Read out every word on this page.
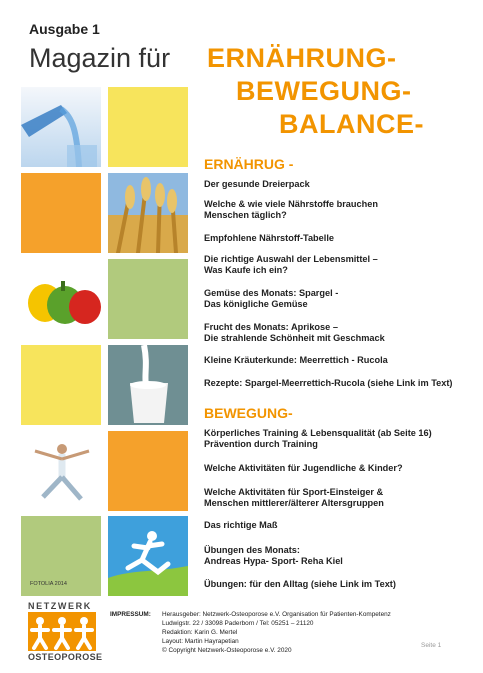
Ausgabe 1
Magazin für ERNÄHRUNG-
BEWEGUNG-
BALANCE-
FOTOLIA 2014
ERNÄHRUG -
Der gesunde Dreierpack
Welche & wie viele Nährstoffe brauchen
Menschen täglich?
Empfohlene Nährstoff-Tabelle
Die richtige Auswahl der Lebensmittel –
Was Kaufe ich ein?
Gemüse des Monats: Spargel -
Das königliche Gemüse
Frucht des Monats: Aprikose –
Die strahlende Schönheit mit Geschmack
Kleine Kräuterkunde: Meerrettich - Rucola
Rezepte: Spargel-Meerrettich-Rucola (siehe Link im Text)
BEWEGUNG-
Körperliches Training & Lebensqualität (ab Seite 16)
Prävention durch Training
Welche Aktivitäten für Jugendliche & Kinder?
Welche Aktivitäten für Sport-Einsteiger &
Menschen mittlerer/älterer Altersgruppen
Das richtige Maß
Übungen des Monats:
Andreas Hypa- Sport- Reha Kiel
Übungen: für den Alltag (siehe Link im Text)
NETZWERK
OSTEOPOROSE
IMPRESSUM: Herausgeber: Netzwerk-Osteoporose e.V. Organisation für Patienten-Kompetenz
Ludwigstr. 22 / 33098 Paderborn / Tel: 05251 – 21120
Redaktion: Karin G. Mertel
Layout: Martin Hayrapetian
© Copyright Netzwerk-Osteoporose e.V. 2020
Seite 1
